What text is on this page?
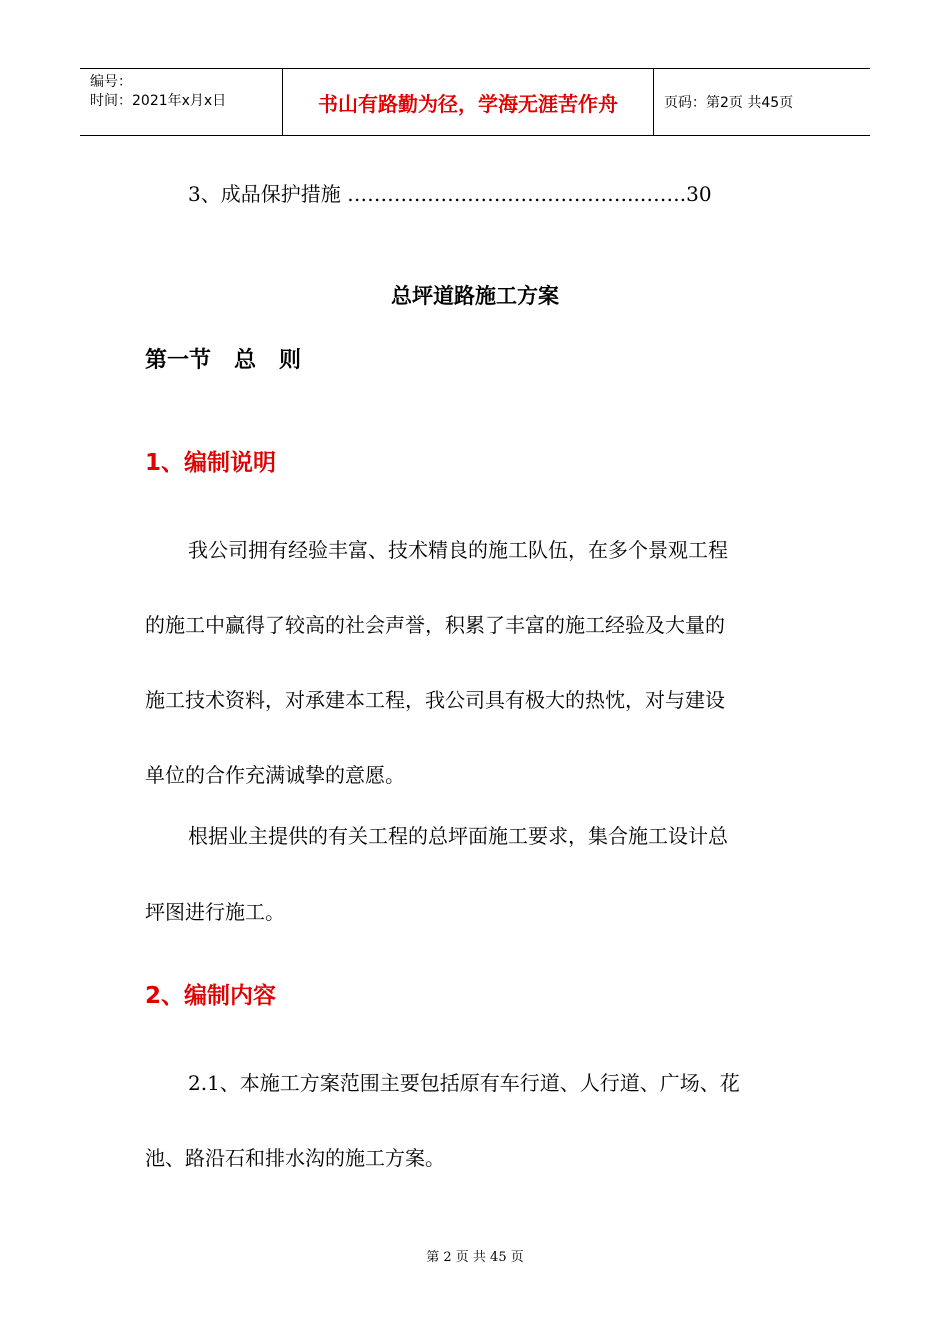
编号：
时间：2021年x月x日	书山有路勤为径，学海无涯苦作舟	页码：第2页 共45页
3、成品保护措施 ……………………………………..…….30
总坪道路施工方案
第一节   总   则
1、编制说明
我公司拥有经验丰富、技术精良的施工队伍，在多个景观工程
的施工中赢得了较高的社会声誉，积累了丰富的施工经验及大量的
施工技术资料，对承建本工程，我公司具有极大的热忱，对与建设
单位的合作充满诚挚的意愿。
根据业主提供的有关工程的总坪面施工要求，集合施工设计总
坪图进行施工。
2、编制内容
2.1、本施工方案范围主要包括原有车行道、人行道、广场、花
池、路沿石和排水沟的施工方案。
第 2 页 共 45 页
